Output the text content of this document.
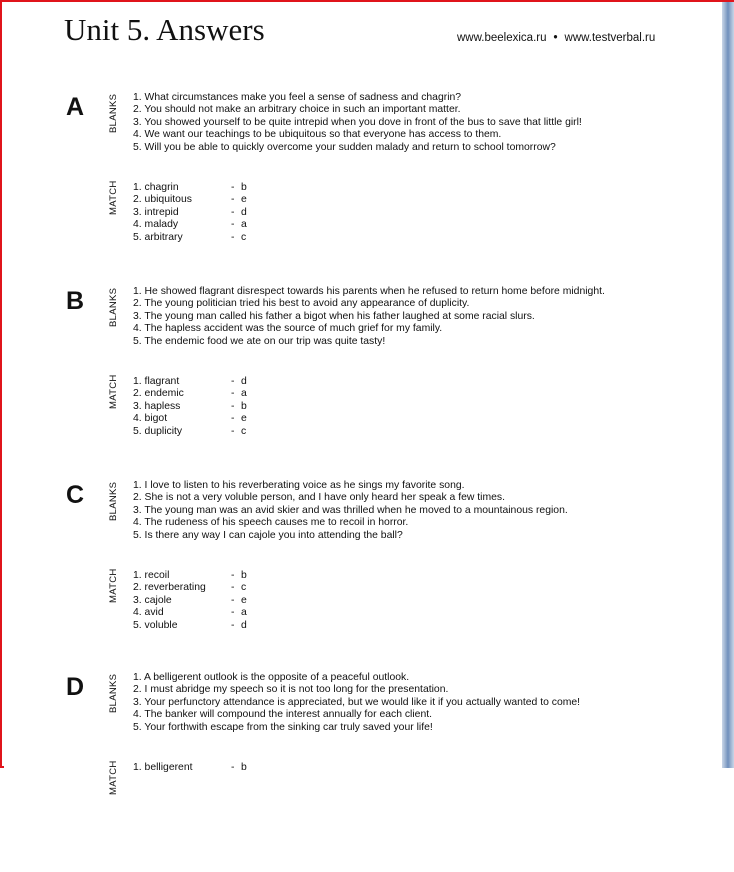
Unit 5. Answers	www.beelexica.ru • www.testverbal.ru
A	BLANKS 1. What circumstances make you feel a sense of sadness and chagrin?
2. You should not make an arbitrary choice in such an important matter.
3. You showed yourself to be quite intrepid when you dove in front of the bus to save that little girl!
4. We want our teachings to be ubiquitous so that everyone has access to them.
5. Will you be able to quickly overcome your sudden malady and return to school tomorrow?
MATCH 1. chagrin	- b
2. ubiquitous	- e
3. intrepid	- d
4. malady	- a
5. arbitrary	- c
B	BLANKS 1. He showed flagrant disrespect towards his parents when he refused to return home before midnight.
2. The young politician tried his best to avoid any appearance of duplicity.
3. The young man called his father a bigot when his father laughed at some racial slurs.
4. The hapless accident was the source of much grief for my family.
5. The endemic food we ate on our trip was quite tasty!
MATCH 1. flagrant	- d
2. endemic	- a
3. hapless	- b
4. bigot	- e
5. duplicity	- c
C	BLANKS 1. I love to listen to his reverberating voice as he sings my favorite song.
2. She is not a very voluble person, and I have only heard her speak a few times.
3. The young man was an avid skier and was thrilled when he moved to a mountainous region.
4. The rudeness of his speech causes me to recoil in horror.
5. Is there any way I can cajole you into attending the ball?
MATCH 1. recoil	- b
2. reverberating - c
3. cajole	- e
4. avid	- a
5. voluble	- d
D	BLANKS 1. A belligerent outlook is the opposite of a peaceful outlook.
2. I must abridge my speech so it is not too long for the presentation.
3. Your perfunctory attendance is appreciated, but we would like it if you actually wanted to come!
4. The banker will compound the interest annually for each client.
5. Your forthwith escape from the sinking car truly saved your life!
MATCH 1. belligerent	- b
